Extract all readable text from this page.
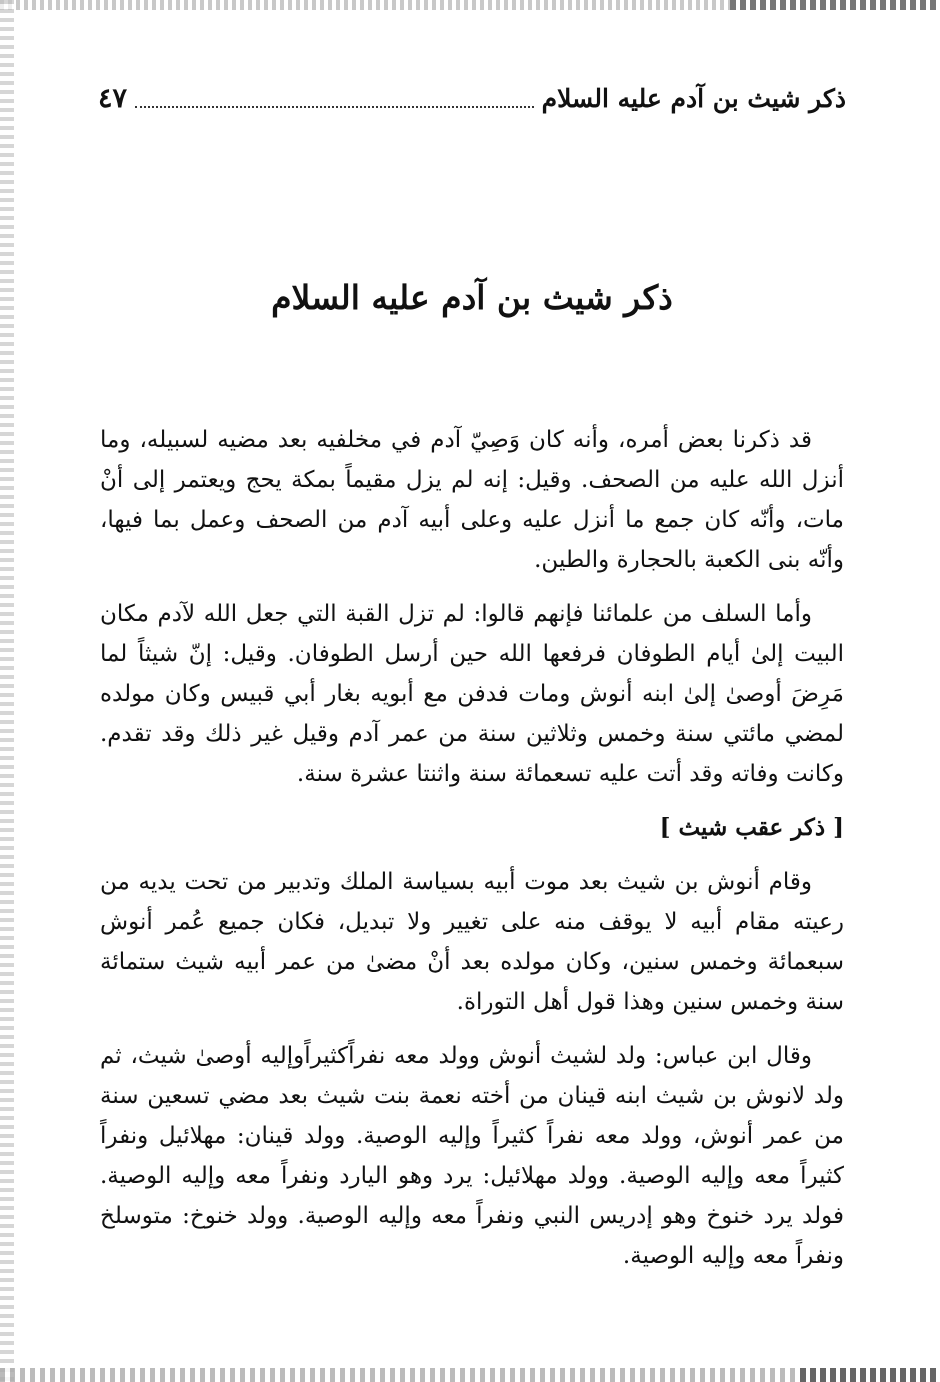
ذكر شيث بن آدم عليه السلام
٤٧
ذكر شيث بن آدم عليه السلام

قد ذكرنا بعض أمره، وأنه كان وَصِيّ آدم في مخلفيه بعد مضيه لسبيله، وما أنزل الله عليه من الصحف. وقيل: إنه لم يزل مقيماً بمكة يحج ويعتمر إلى أنْ مات، وأنّه كان جمع ما أنزل عليه وعلى أبيه آدم من الصحف وعمل بما فيها، وأنّه بنى الكعبة بالحجارة والطين.

وأما السلف من علمائنا فإنهم قالوا: لم تزل القبة التي جعل الله لآدم مكان البيت إلىٰ أيام الطوفان فرفعها الله حين أرسل الطوفان. وقيل: إنّ شيثاً لما مَرِضَ أوصىٰ إلىٰ ابنه أنوش ومات فدفن مع أبويه بغار أبي قبيس وكان مولده لمضي مائتي سنة وخمس وثلاثين سنة من عمر آدم وقيل غير ذلك وقد تقدم. وكانت وفاته وقد أتت عليه تسعمائة سنة واثنتا عشرة سنة.

[ ذكر عقب شيث ]

وقام أنوش بن شيث بعد موت أبيه بسياسة الملك وتدبير من تحت يديه من رعيته مقام أبيه لا يوقف منه على تغيير ولا تبديل، فكان جميع عُمر أنوش سبعمائة وخمس سنين، وكان مولده بعد أنْ مضىٰ من عمر أبيه شيث ستمائة سنة وخمس سنين وهذا قول أهل التوراة.

وقال ابن عباس: ولد لشيث أنوش وولد معه نفراًكثيراًوإليه أوصىٰ شيث، ثم ولد لانوش بن شيث ابنه قينان من أخته نعمة بنت شيث بعد مضي تسعين سنة من عمر أنوش، وولد معه نفراً كثيراً وإليه الوصية. وولد قينان: مهلائيل ونفراً كثيراً معه وإليه الوصية. وولد مهلائيل: يرد وهو اليارد ونفراً معه وإليه الوصية. فولد يرد خنوخ وهو إدريس النبي ونفراً معه وإليه الوصية. وولد خنوخ: متوسلخ ونفراً معه وإليه الوصية.
